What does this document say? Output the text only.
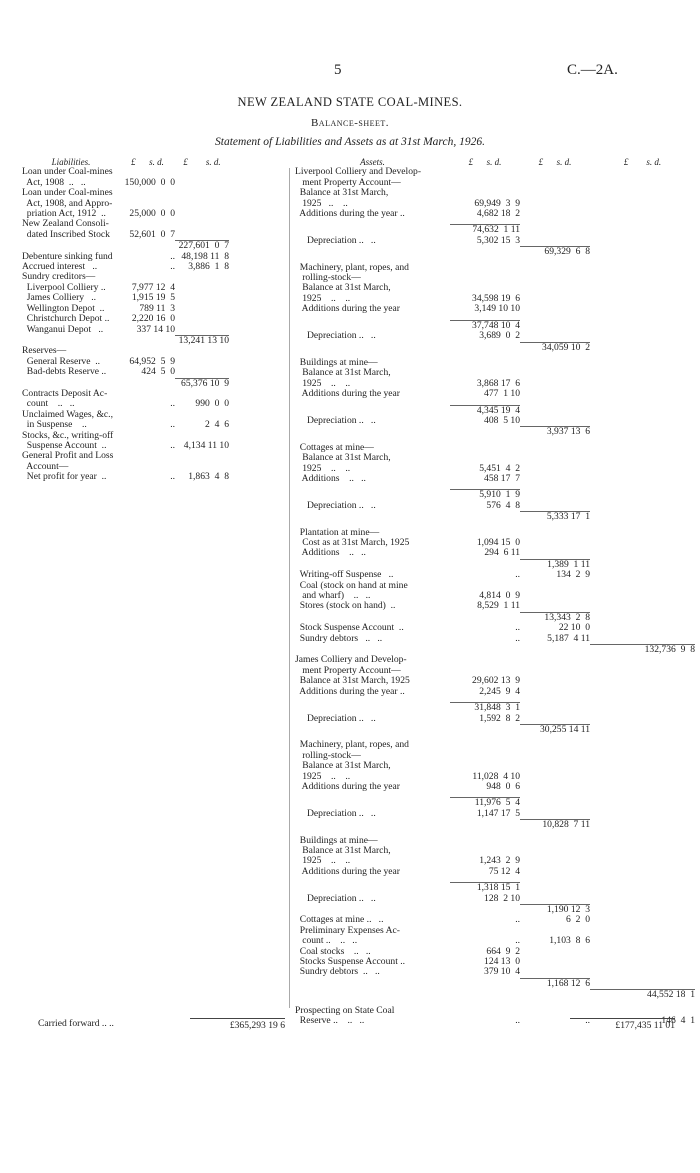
5	C.—2A.
NEW ZEALAND STATE COAL-MINES.
Balance-sheet.
Statement of Liabilities and Assets as at 31st March, 1926.
Liabilities.	£      s. d.	£        s. d.
Loan under Coal-mines
Act, 1908  ..   ..	150,000  0  0
Loan under Coal-mines
Act, 1908, and Appro-
priation Act, 1912  ..	25,000  0  0
New Zealand Consoli-
dated Inscribed Stock	52,601  0  7
227,601  0  7
Debenture sinking fund	.. 48,198 11  8
Accrued interest   ..	..	3,886  1  8
Sundry creditors—
Liverpool Colliery ..	7,977 12  4
James Colliery   ..	1,915 19  5
Wellington Depot  ..	789 11  3
Christchurch Depot ..	2,220 16  0
Wanganui Depot   ..	337 14 10
13,241 13 10
Reserves—
General Reserve  ..	64,952  5  9
Bad-debts Reserve ..	424  5  0
65,376 10  9
Contracts Deposit Ac-
count    ..   ..	..	990  0  0
Unclaimed Wages, &c.,
in Suspense    ..	..	2  4  6
Stocks, &c., writing-off
Suspense Account  ..	.. 4,134 11 10
General Profit and Loss
Account—
Net profit for year  ..	..	1,863  4  8
Assets.	£      s. d.	£      s. d.	£        s. d.
Liverpool Colliery and Develop-
ment Property Account—
Balance at 31st March,
1925   ..    ..	69,949  3  9
Additions during the year ..	4,682 18  2
74,632  1 11
Depreciation ..   ..	5,302 15  3
69,329  6  8
Machinery, plant, ropes, and
rolling-stock—
Balance at 31st March,
1925    ..    ..	34,598 19  6
Additions during the year	3,149 10 10
37,748 10  4
Depreciation ..   ..	3,689  0  2
34,059 10  2
Buildings at mine—
Balance at 31st March,
1925    ..    ..	3,868 17  6
Additions during the year	477  1 10
4,345 19  4
Depreciation ..   ..	408  5 10
3,937 13  6
Cottages at mine—
Balance at 31st March,
1925    ..    ..	5,451  4  2
Additions    ..   ..	458 17  7
5,910  1  9
Depreciation ..   ..	576  4  8
5,333 17  1
Plantation at mine—
Cost as at 31st March, 1925	1,094 15  0
Additions    ..   ..	294  6 11
1,389  1 11
Writing-off Suspense   ..	..	134  2  9
Coal (stock on hand at mine
and wharf)    ..   ..	4,814  0  9
Stores (stock on hand)  ..	8,529  1 11
13,343  2  8
Stock Suspense Account  ..	..	22 10  0
Sundry debtors   ..   ..	..	5,187  4 11
132,736  9  8
James Colliery and Develop-
ment Property Account—
Balance at 31st March, 1925	29,602 13  9
Additions during the year ..	2,245  9  4
31,848  3  1
Depreciation ..   ..	1,592  8  2
30,255 14 11
Machinery, plant, ropes, and
rolling-stock—
Balance at 31st March,
1925    ..    ..	11,028  4 10
Additions during the year	948  0  6
11,976  5  4
Depreciation ..   ..	1,147 17  5
10,828  7 11
Buildings at mine—
Balance at 31st March,
1925    ..    ..	1,243  2  9
Additions during the year	75 12  4
1,318 15  1
Depreciation ..   ..	128  2 10
1,190 12  3
Cottages at mine ..   ..	..	6  2  0
Preliminary Expenses Ac-
count ..    ..   ..	..	1,103  8  6
Coal stocks    ..   ..	664  9  2
Stocks Suspense Account ..	124 13  0
Sundry debtors  ..   ..	379 10  4
1,168 12  6
44,552 18  1
Prospecting on State Coal
Reserve ..    ..   ..	..	..	146  4  1
Carried forward .. ..	£365,293 19 6	£177,435 11 01
